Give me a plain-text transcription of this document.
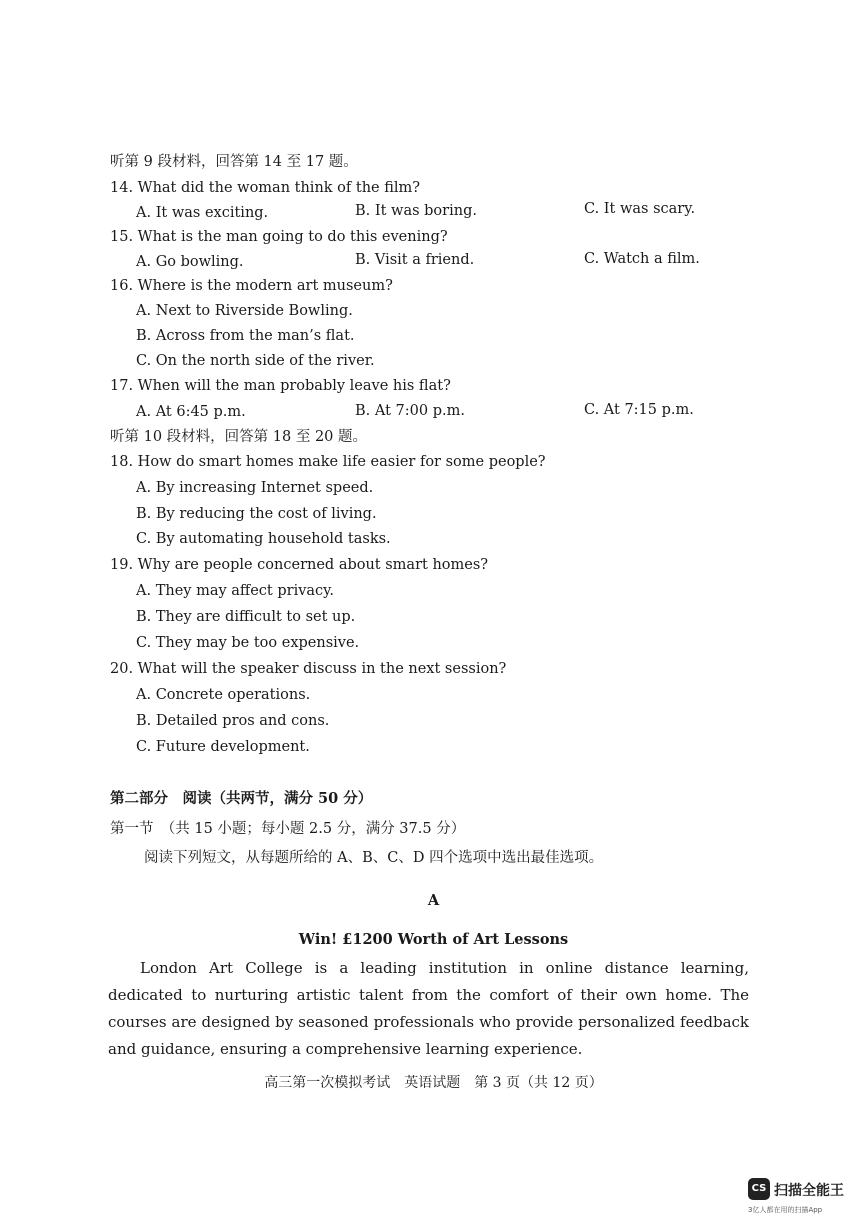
听第 9 段材料，回答第 14 至 17 题。
14. What did the woman think of the film?
A. It was exciting.	B. It was boring.	C. It was scary.
15. What is the man going to do this evening?
A. Go bowling.	B. Visit a friend.	C. Watch a film.
16. Where is the modern art museum?
A. Next to Riverside Bowling.
B. Across from the man’s flat.
C. On the north side of the river.
17. When will the man probably leave his flat?
A. At 6:45 p.m.	B. At 7:00 p.m.	C. At 7:15 p.m.
听第 10 段材料，回答第 18 至 20 题。
18. How do smart homes make life easier for some people?
A. By increasing Internet speed.
B. By reducing the cost of living.
C. By automating household tasks.
19. Why are people concerned about smart homes?
A. They may affect privacy.
B. They are difficult to set up.
C. They may be too expensive.
20. What will the speaker discuss in the next session?
A. Concrete operations.
B. Detailed pros and cons.
C. Future development.
第二部分　阅读（共两节，满分 50 分）
第一节　（共 15 小题；每小题 2.5 分，满分 37.5 分）
阅读下列短文，从每题所给的 A、B、C、D 四个选项中选出最佳选项。
A
Win! £1200 Worth of Art Lessons
London Art College is a leading institution in online distance learning, dedicated to nurturing artistic talent from the comfort of their own home. The courses are designed by seasoned professionals who provide personalized feedback and guidance, ensuring a comprehensive learning experience.
高三第一次模拟考试　英语试题　第 3 页（共 12 页）
CS 扫描全能王
3亿人都在用的扫描App
